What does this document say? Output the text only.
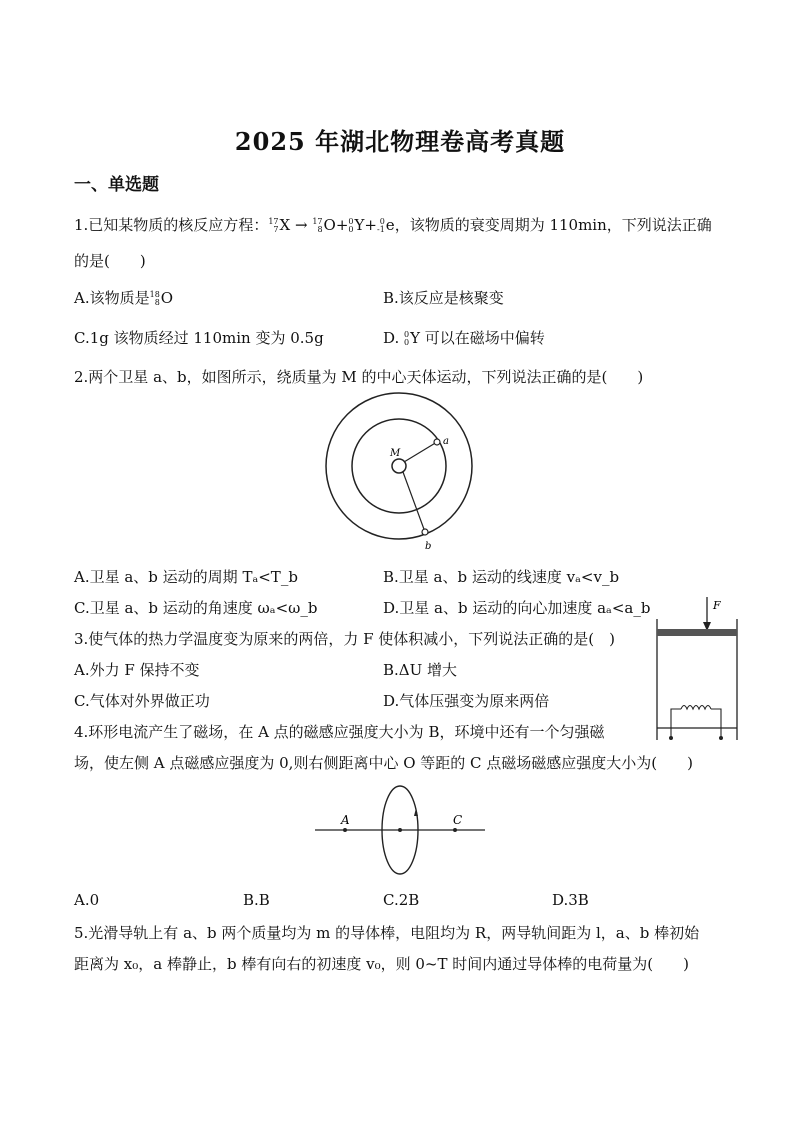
2025 年湖北物理卷高考真题
一、单选题
1.已知某物质的核反应方程： 17
7 X → 17
8 O+ 0
0 Y+ 0
-1 e，该物质的衰变周期为 110min，下列说法正确
的是(　　)
A.该物质是 18
8 O	B.该反应是核聚变
C.1g 该物质经过 110min 变为 0.5g	D. 0
0 Y 可以在磁场中偏转
2.两个卫星 a、b，如图所示，绕质量为 M 的中心天体运动，下列说法正确的是(　　)
M
a
b
A.卫星 a、b 运动的周期 Tₐ<T_b	B.卫星 a、b 运动的线速度 vₐ<v_b
C.卫星 a、b 运动的角速度 ωₐ<ω_b	D.卫星 a、b 运动的向心加速度 aₐ<a_b
3.使气体的热力学温度变为原来的两倍，力 F 使体积减小，下列说法正确的是(　)
A.外力 F 保持不变	B.ΔU 增大
C.气体对外界做正功	D.气体压强变为原来两倍
F
4.环形电流产生了磁场，在 A 点的磁感应强度大小为 B，环境中还有一个匀强磁
场，使左侧 A 点磁感应强度为 0,则右侧距离中心 O 等距的 C 点磁场磁感应强度大小为(　　)
A	C
A.0	B.B	C.2B	D.3B
5.光滑导轨上有 a、b 两个质量均为 m 的导体棒，电阻均为 R，两导轨间距为 l，a、b 棒初始
距离为 x₀，a 棒静止，b 棒有向右的初速度 v₀，则 0~T 时间内通过导体棒的电荷量为(　　)
